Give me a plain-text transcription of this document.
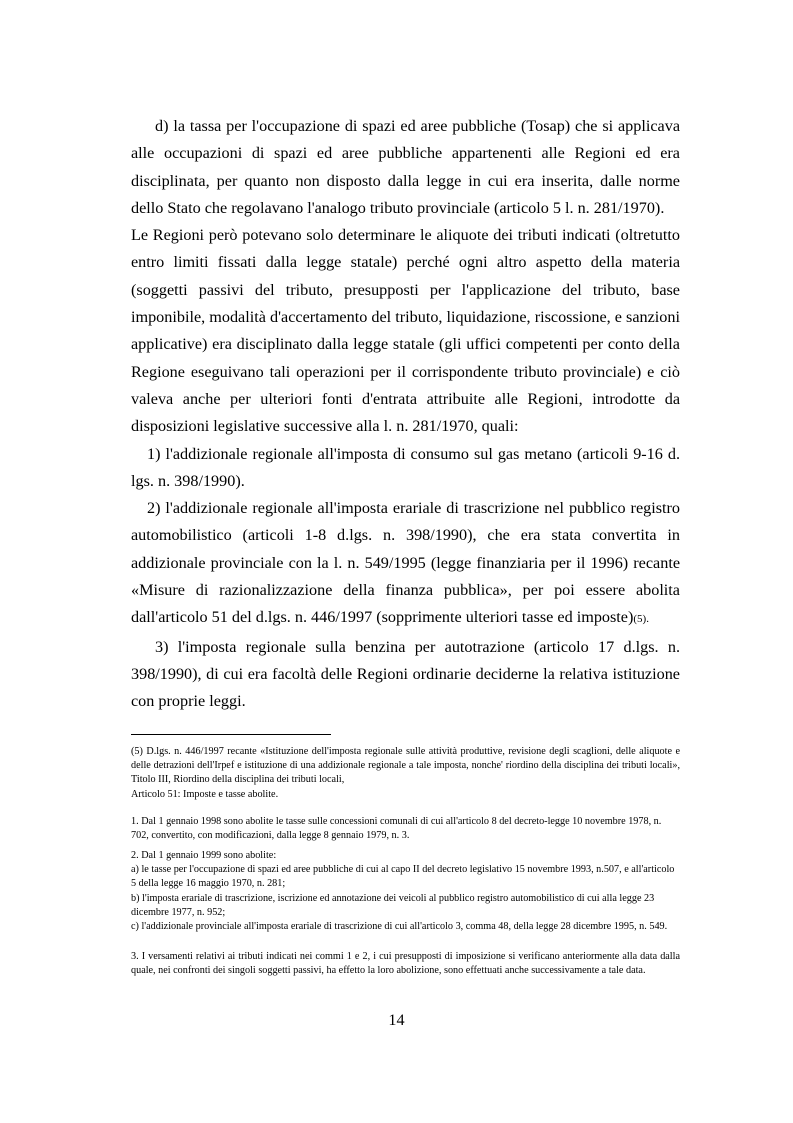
d) la tassa per l'occupazione di spazi ed aree pubbliche (Tosap) che si applicava alle occupazioni di spazi ed aree pubbliche appartenenti alle Regioni ed era disciplinata, per quanto non disposto dalla legge in cui era inserita, dalle norme dello Stato che regolavano l'analogo tributo provinciale (articolo 5 l. n. 281/1970).

Le Regioni però potevano solo determinare le aliquote dei tributi indicati (oltretutto entro limiti fissati dalla legge statale) perché ogni altro aspetto della materia (soggetti passivi del tributo, presupposti per l'applicazione del tributo, base imponibile, modalità d'accertamento del tributo, liquidazione, riscossione, e sanzioni applicative) era disciplinato dalla legge statale (gli uffici competenti per conto della Regione eseguivano tali operazioni per il corrispondente tributo provinciale) e ciò valeva anche per ulteriori fonti d'entrata attribuite alle Regioni, introdotte da disposizioni legislative successive alla l. n. 281/1970, quali:

1) l'addizionale regionale all'imposta di consumo sul gas metano (articoli 9-16 d. lgs. n. 398/1990).

2) l'addizionale regionale all'imposta erariale di trascrizione nel pubblico registro automobilistico (articoli 1-8 d.lgs. n. 398/1990), che era stata convertita in addizionale provinciale con la l. n. 549/1995 (legge finanziaria per il 1996) recante «Misure di razionalizzazione della finanza pubblica», per poi essere abolita dall'articolo 51 del d.lgs. n. 446/1997 (sopprimente ulteriori tasse ed imposte)(5).

3) l'imposta regionale sulla benzina per autotrazione (articolo 17 d.lgs. n. 398/1990), di cui era facoltà delle Regioni ordinarie deciderne la relativa istituzione con proprie leggi.

(5) D.lgs. n. 446/1997 recante «Istituzione dell'imposta regionale sulle attività produttive, revisione degli scaglioni, delle aliquote e delle detrazioni dell'Irpef e istituzione di una addizionale regionale a tale imposta, nonche' riordino della disciplina dei tributi locali», Titolo III, Riordino della disciplina dei tributi locali,

Articolo 51: Imposte e tasse abolite.

1. Dal 1 gennaio 1998 sono abolite le tasse sulle concessioni comunali di cui all'articolo 8 del decreto-legge 10 novembre 1978, n. 702, convertito, con modificazioni, dalla legge 8 gennaio 1979, n. 3.

2. Dal 1 gennaio 1999 sono abolite:

a) le tasse per l'occupazione di spazi ed aree pubbliche di cui al capo II del decreto legislativo 15 novembre 1993, n.507, e all'articolo 5 della legge 16 maggio 1970, n. 281;

b) l'imposta erariale di trascrizione, iscrizione ed annotazione dei veicoli al pubblico registro automobilistico di cui alla legge 23 dicembre 1977, n. 952;

c) l'addizionale provinciale all'imposta erariale di trascrizione di cui all'articolo 3, comma 48, della legge 28 dicembre 1995, n. 549.

3. I versamenti relativi ai tributi indicati nei commi 1 e 2, i cui presupposti di imposizione si verificano anteriormente alla data dalla quale, nei confronti dei singoli soggetti passivi, ha effetto la loro abolizione, sono effettuati anche successivamente a tale data.

14
